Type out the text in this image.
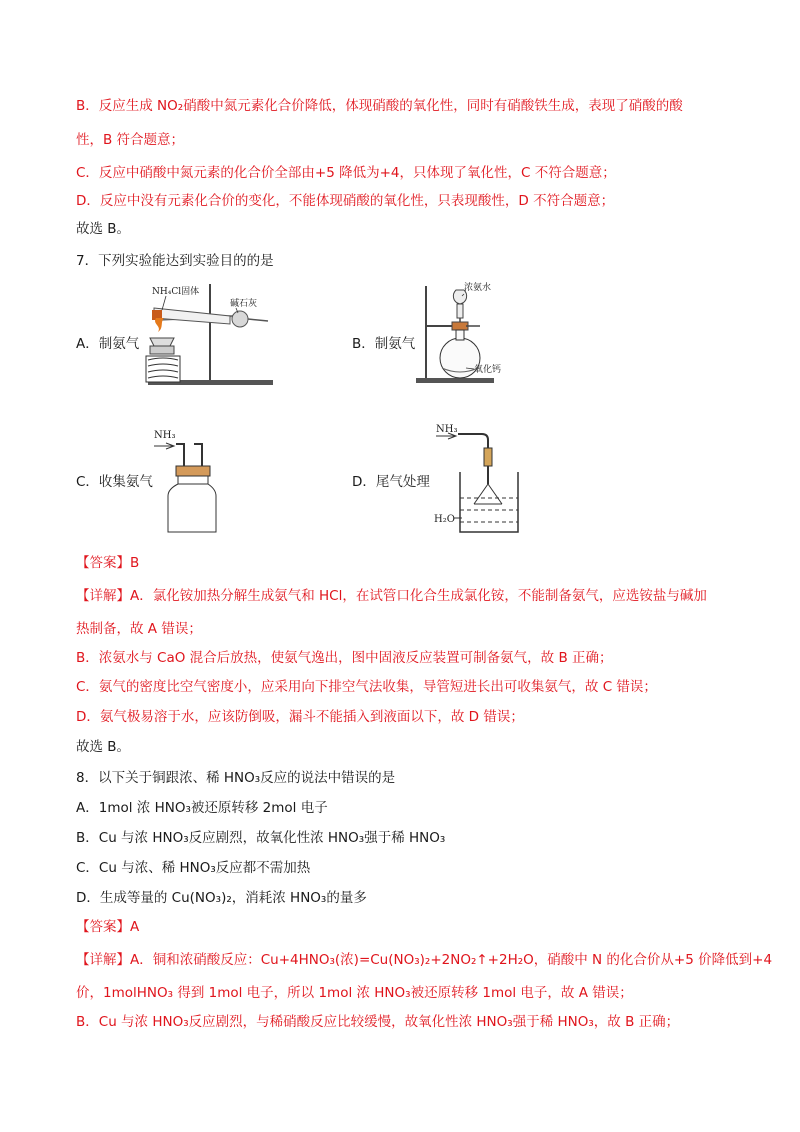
B．反应生成 NO₂硝酸中氮元素化合价降低，体现硝酸的氧化性，同时有硝酸铁生成，表现了硝酸的酸
性，B 符合题意；
C．反应中硝酸中氮元素的化合价全部由+5 降低为+4，只体现了氧化性，C 不符合题意；
D．反应中没有元素化合价的变化，不能体现硝酸的氧化性，只表现酸性，D 不符合题意；
故选 B。
7．下列实验能达到实验目的的是
NH₄Cl固体
碱石灰
A．制氨气
浓氨水
氧化钙
B．制氨气
NH₃
C．收集氨气
NH₃
H₂O
D．尾气处理
【答案】B
【详解】A．氯化铵加热分解生成氨气和 HCl，在试管口化合生成氯化铵，不能制备氨气，应选铵盐与碱加
热制备，故 A 错误；
B．浓氨水与 CaO 混合后放热，使氨气逸出，图中固液反应装置可制备氨气，故 B 正确；
C．氨气的密度比空气密度小，应采用向下排空气法收集，导管短进长出可收集氨气，故 C 错误；
D．氨气极易溶于水，应该防倒吸，漏斗不能插入到液面以下，故 D 错误；
故选 B。
8．以下关于铜跟浓、稀 HNO₃反应的说法中错误的是
A．1mol 浓 HNO₃被还原转移 2mol 电子
B．Cu 与浓 HNO₃反应剧烈，故氧化性浓 HNO₃强于稀 HNO₃
C．Cu 与浓、稀 HNO₃反应都不需加热
D．生成等量的 Cu(NO₃)₂，消耗浓 HNO₃的量多
【答案】A
【详解】A．铜和浓硝酸反应：Cu+4HNO₃(浓)=Cu(NO₃)₂+2NO₂↑+2H₂O，硝酸中 N 的化合价从+5 价降低到+4
价，1molHNO₃ 得到 1mol 电子，所以 1mol 浓 HNO₃被还原转移 1mol 电子，故 A 错误；
B．Cu 与浓 HNO₃反应剧烈，与稀硝酸反应比较缓慢，故氧化性浓 HNO₃强于稀 HNO₃，故 B 正确；
